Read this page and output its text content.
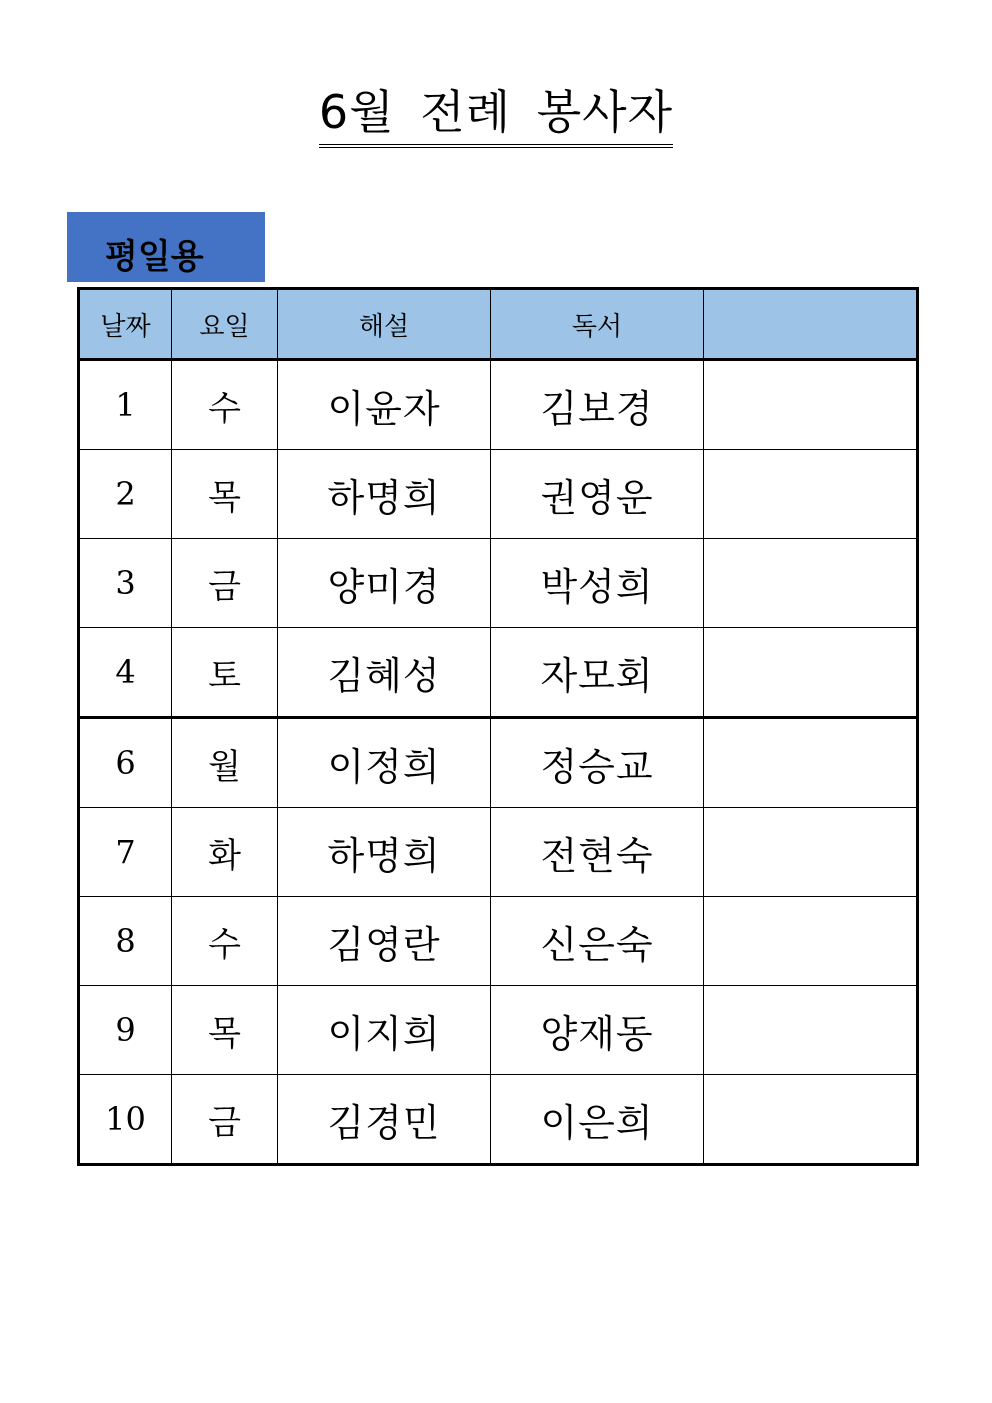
6월 전례 봉사자
평일용
날짜	요일	해설	독서	
1	수	이윤자	김보경	
2	목	하명희	권영운	
3	금	양미경	박성희	
4	토	김혜성	자모회	
6	월	이정희	정승교	
7	화	하명희	전현숙	
8	수	김영란	신은숙	
9	목	이지희	양재동	
10	금	김경민	이은희	
